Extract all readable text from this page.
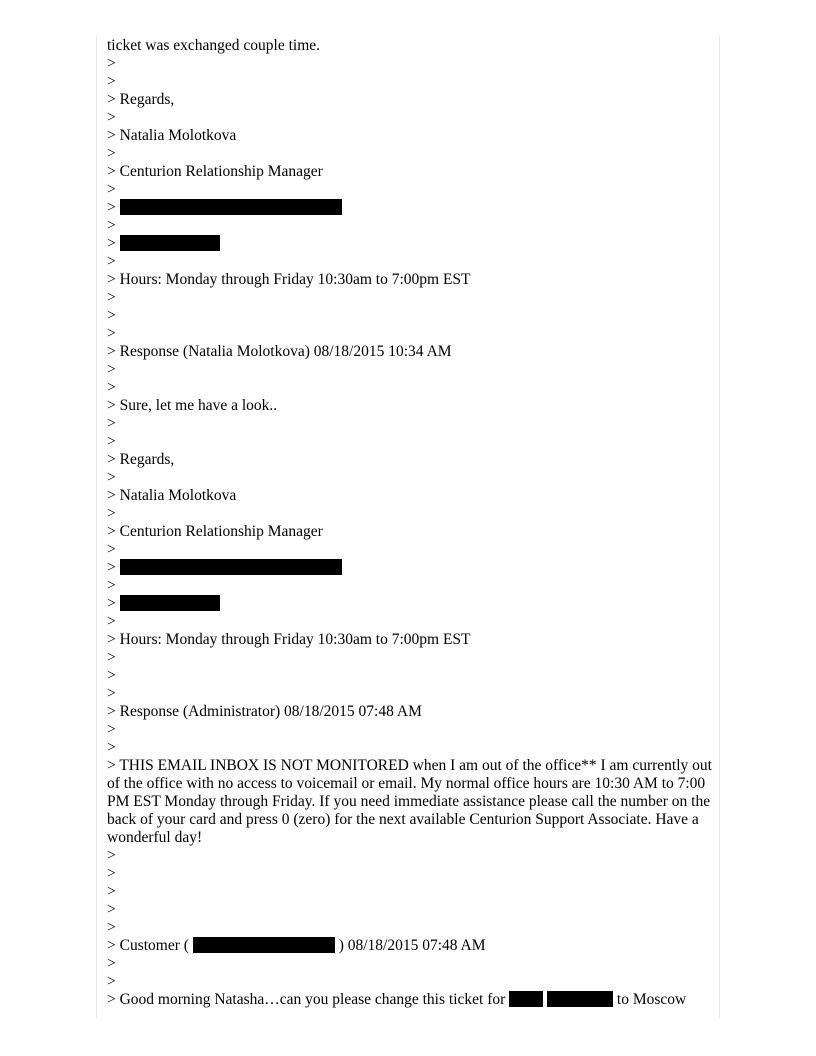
ticket was exchanged couple time.
>
>
> Regards,
>
> Natalia Molotkova
>
> Centurion Relationship Manager
>
>
>
>
>
> Hours: Monday through Friday 10:30am to 7:00pm EST
>
>
>
> Response (Natalia Molotkova) 08/18/2015 10:34 AM
>
>
> Sure, let me have a look..
>
>
> Regards,
>
> Natalia Molotkova
>
> Centurion Relationship Manager
>
>
>
>
>
> Hours: Monday through Friday 10:30am to 7:00pm EST
>
>
>
> Response (Administrator) 08/18/2015 07:48 AM
>
>
> THIS EMAIL INBOX IS NOT MONITORED when I am out of the office** I am currently out of the office with no access to voicemail or email. My normal office hours are 10:30 AM to 7:00 PM EST Monday through Friday. If you need immediate assistance please call the number on the back of your card and press 0 (zero) for the next available Centurion Support Associate. Have a wonderful day!
>
>
>
>
>
> Customer (	) 08/18/2015 07:48 AM
>
>
> Good morning Natasha…can you please change this ticket for	to Moscow
